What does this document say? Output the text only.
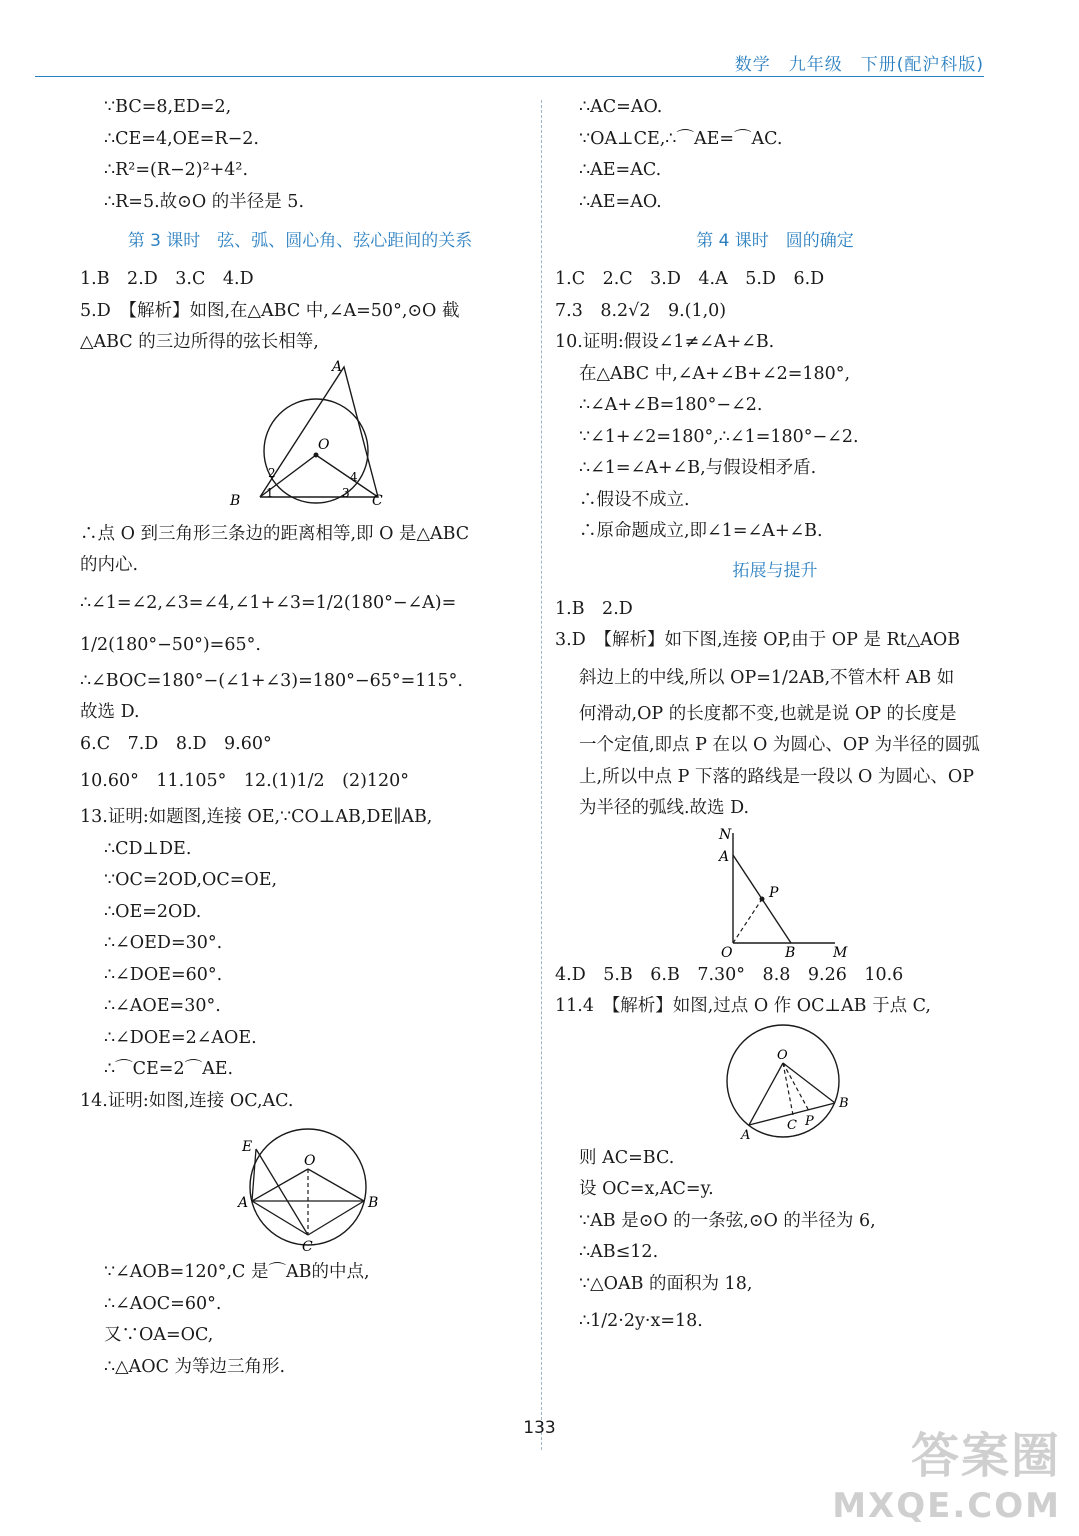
数学　九年级　下册(配沪科版)
∵BC=8,ED=2,
∴CE=4,OE=R−2.
∴R²=(R−2)²+4².
∴R=5.故⊙O 的半径是 5.
第 3 课时　弦、弧、圆心角、弦心距间的关系
1.B　2.D　3.C　4.D
5.D　【解析】如图,在△ABC 中,∠A=50°,⊙O 截
△ABC 的三边所得的弦长相等,
A
O
B	C
1
2
3
4
∴点 O 到三角形三条边的距离相等,即 O 是△ABC
的内心.
∴∠1=∠2,∠3=∠4,∠1+∠3=1/2(180°−∠A)=
1/2(180°−50°)=65°.
∴∠BOC=180°−(∠1+∠3)=180°−65°=115°.
故选 D.
6.C　7.D　8.D　9.60°
10.60°　11.105°　12.(1)1/2　(2)120°
13.证明:如题图,连接 OE,∵CO⊥AB,DE∥AB,
∴CD⊥DE.
∵OC=2OD,OC=OE,
∴OE=2OD.
∴∠OED=30°.
∴∠DOE=60°.
∴∠AOE=30°.
∴∠DOE=2∠AOE.
∴⌒CE=2⌒AE.
14.证明:如图,连接 OC,AC.
E
O
A	B
C
∵∠AOB=120°,C 是⌒AB的中点,
∴∠AOC=60°.
又∵OA=OC,
∴△AOC 为等边三角形.
∴AC=AO.
∵OA⊥CE,∴⌒AE=⌒AC.
∴AE=AC.
∴AE=AO.
第 4 课时　圆的确定
1.C　2.C　3.D　4.A　5.D　6.D
7.3　8.2√2　9.(1,0)
10.证明:假设∠1≠∠A+∠B.
在△ABC 中,∠A+∠B+∠2=180°,
∴∠A+∠B=180°−∠2.
∵∠1+∠2=180°,∴∠1=180°−∠2.
∴∠1=∠A+∠B,与假设相矛盾.
∴假设不成立.
∴原命题成立,即∠1=∠A+∠B.
拓展与提升
1.B　2.D
3.D　【解析】如下图,连接 OP,由于 OP 是 Rt△AOB
斜边上的中线,所以 OP=1/2AB,不管木杆 AB 如
何滑动,OP 的长度都不变,也就是说 OP 的长度是
一个定值,即点 P 在以 O 为圆心、OP 为半径的圆弧
上,所以中点 P 下落的路线是一段以 O 为圆心、OP
为半径的弧线.故选 D.
N
A
P
O	B	M
4.D　5.B　6.B　7.30°　8.8　9.26　10.6
11.4　【解析】如图,过点 O 作 OC⊥AB 于点 C,
O
A
C P
B
则 AC=BC.
设 OC=x,AC=y.
∵AB 是⊙O 的一条弦,⊙O 的半径为 6,
∴AB≤12.
∵△OAB 的面积为 18,
∴1/2·2y·x=18.
133	答案圈
MXQE.COM
